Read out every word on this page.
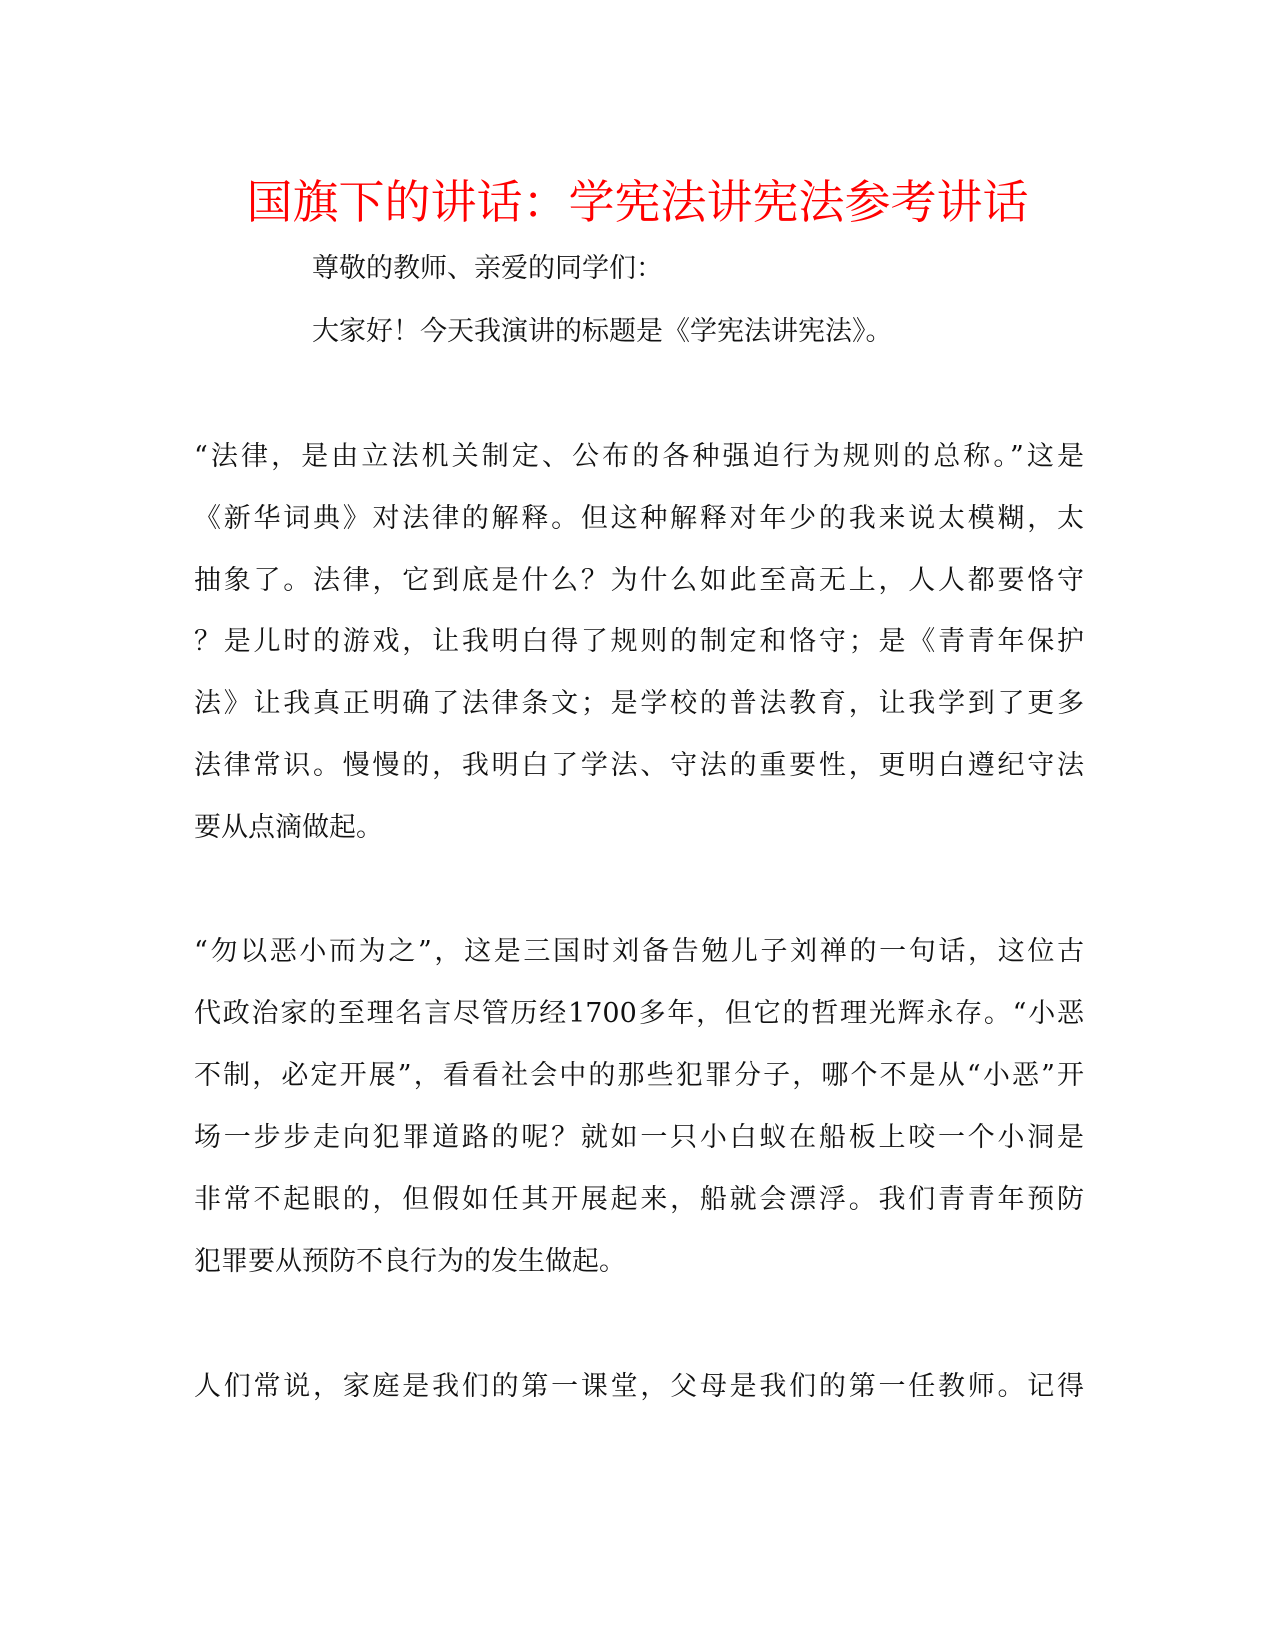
国旗下的讲话：学宪法讲宪法参考讲话

尊敬的教师、亲爱的同学们：

大家好！今天我演讲的标题是《学宪法讲宪法》。

“法律，是由立法机关制定、公布的各种强迫行为规则的总称。”这是

《新华词典》对法律的解释。但这种解释对年少的我来说太模糊，太

抽象了。法律，它到底是什么？为什么如此至高无上，人人都要恪守

？是儿时的游戏，让我明白得了规则的制定和恪守；是《青青年保护

法》让我真正明确了法律条文；是学校的普法教育，让我学到了更多

法律常识。慢慢的，我明白了学法、守法的重要性，更明白遵纪守法

要从点滴做起。

“勿以恶小而为之”，这是三国时刘备告勉儿子刘禅的一句话，这位古

代政治家的至理名言尽管历经1700多年，但它的哲理光辉永存。“小恶

不制，必定开展”，看看社会中的那些犯罪分子，哪个不是从“小恶”开

场一步步走向犯罪道路的呢？就如一只小白蚁在船板上咬一个小洞是

非常不起眼的，但假如任其开展起来，船就会漂浮。我们青青年预防

犯罪要从预防不良行为的发生做起。

人们常说，家庭是我们的第一课堂，父母是我们的第一任教师。记得
